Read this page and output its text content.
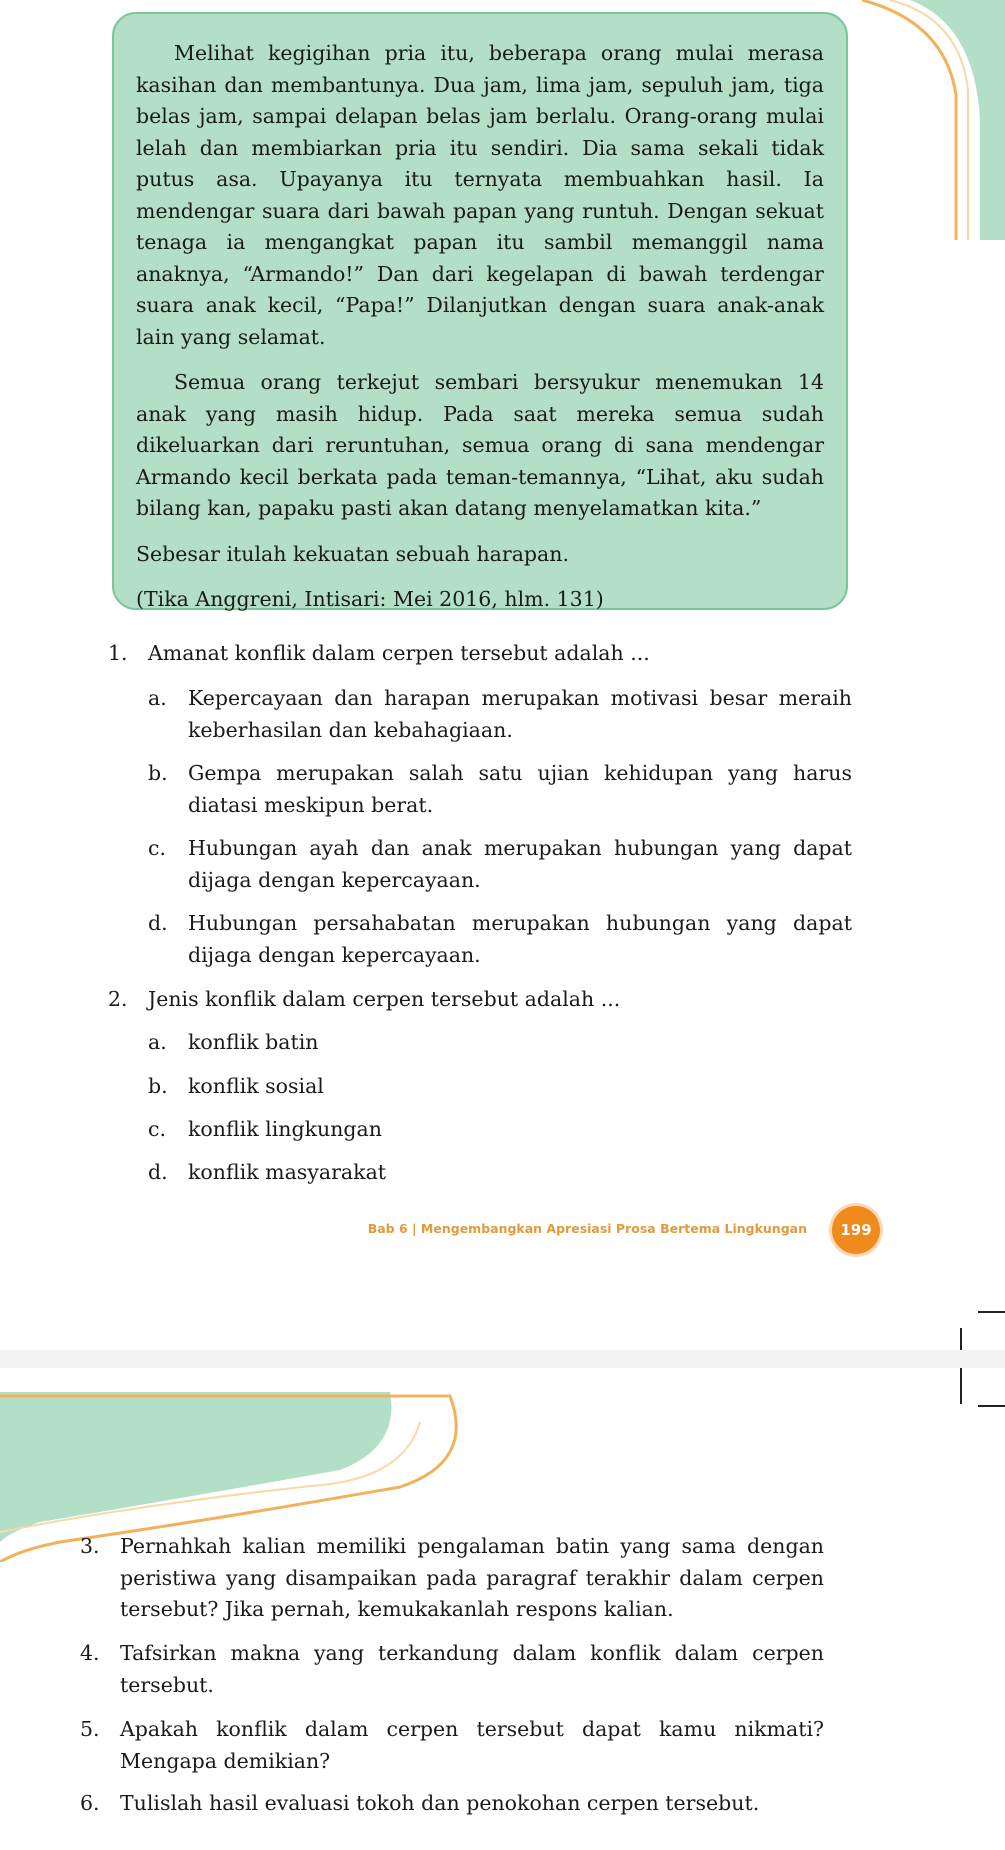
Melihat kegigihan pria itu, beberapa orang mulai merasa kasihan dan membantunya. Dua jam, lima jam, sepuluh jam, tiga belas jam, sampai delapan belas jam berlalu. Orang-orang mulai lelah dan membiarkan pria itu sendiri. Dia sama sekali tidak putus asa. Upayanya itu ternyata membuahkan hasil. Ia mendengar suara dari bawah papan yang runtuh. Dengan sekuat tenaga ia mengangkat papan itu sambil memanggil nama anaknya, “Armando!” Dan dari kegelapan di bawah terdengar suara anak kecil, “Papa!” Dilanjutkan dengan suara anak-anak lain yang selamat.

Semua orang terkejut sembari bersyukur menemukan 14 anak yang masih hidup. Pada saat mereka semua sudah dikeluarkan dari reruntuhan, semua orang di sana mendengar Armando kecil berkata pada teman-temannya, “Lihat, aku sudah bilang kan, papaku pasti akan datang menyelamatkan kita.”

Sebesar itulah kekuatan sebuah harapan.

(Tika Anggreni, Intisari: Mei 2016, hlm. 131)

1. Amanat konflik dalam cerpen tersebut adalah ...
a.	Kepercayaan dan harapan merupakan motivasi besar meraih keberhasilan dan kebahagiaan.
b. Gempa merupakan salah satu ujian kehidupan yang harus diatasi meskipun berat.
c.	Hubungan ayah dan anak merupakan hubungan yang dapat dijaga dengan kepercayaan.
d. Hubungan persahabatan merupakan hubungan yang dapat dijaga dengan kepercayaan.
2. Jenis konflik dalam cerpen tersebut adalah ...
a.	konflik batin
b. konflik sosial
c.	konflik lingkungan
d. konflik masyarakat
Bab 6 | Mengembangkan Apresiasi Prosa Bertema Lingkungan	199
3. Pernahkah kalian memiliki pengalaman batin yang sama dengan peristiwa yang disampaikan pada paragraf terakhir dalam cerpen tersebut? Jika pernah, kemukakanlah respons kalian.
4. Tafsirkan makna yang terkandung dalam konflik dalam cerpen tersebut.
5. Apakah konflik dalam cerpen tersebut dapat kamu nikmati? Mengapa demikian?
6. Tulislah hasil evaluasi tokoh dan penokohan cerpen tersebut.
